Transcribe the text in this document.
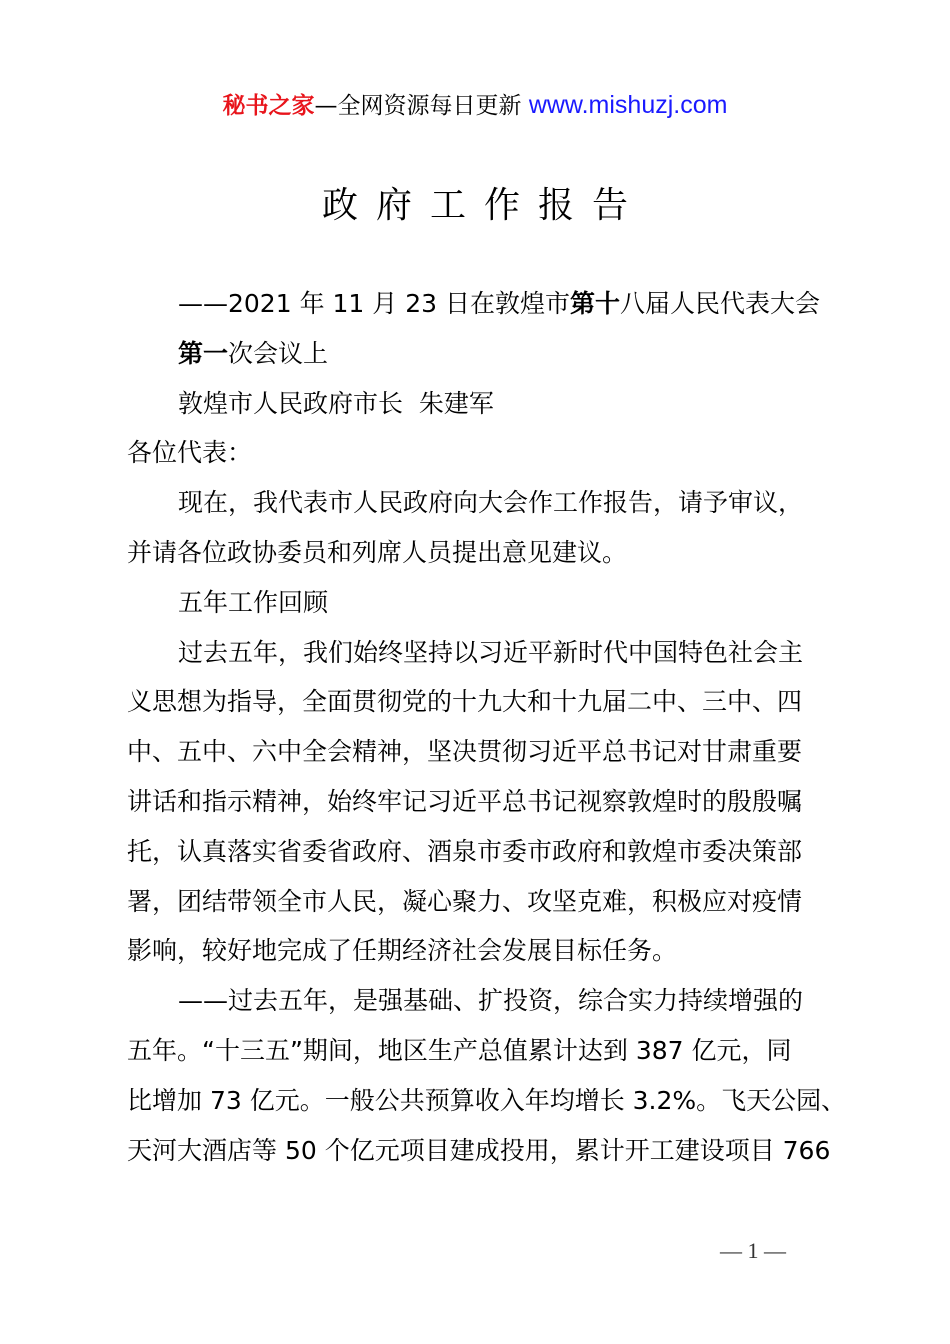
秘书之家—全网资源每日更新 www.mishuzj.com
政府工作报告
——2021 年 11 月 23 日在敦煌市第十八届人民代表大会
第一次会议上
敦煌市人民政府市长  朱建军
各位代表：
现在，我代表市人民政府向大会作工作报告，请予审议，
并请各位政协委员和列席人员提出意见建议。
五年工作回顾
过去五年，我们始终坚持以习近平新时代中国特色社会主
义思想为指导，全面贯彻党的十九大和十九届二中、三中、四
中、五中、六中全会精神，坚决贯彻习近平总书记对甘肃重要
讲话和指示精神，始终牢记习近平总书记视察敦煌时的殷殷嘱
托，认真落实省委省政府、酒泉市委市政府和敦煌市委决策部
署，团结带领全市人民，凝心聚力、攻坚克难，积极应对疫情
影响，较好地完成了任期经济社会发展目标任务。
——过去五年，是强基础、扩投资，综合实力持续增强的
五年。“十三五”期间，地区生产总值累计达到 387 亿元，同
比增加 73 亿元。一般公共预算收入年均增长 3.2%。飞天公园、
天河大酒店等 50 个亿元项目建成投用，累计开工建设项目 766
— 1 —
